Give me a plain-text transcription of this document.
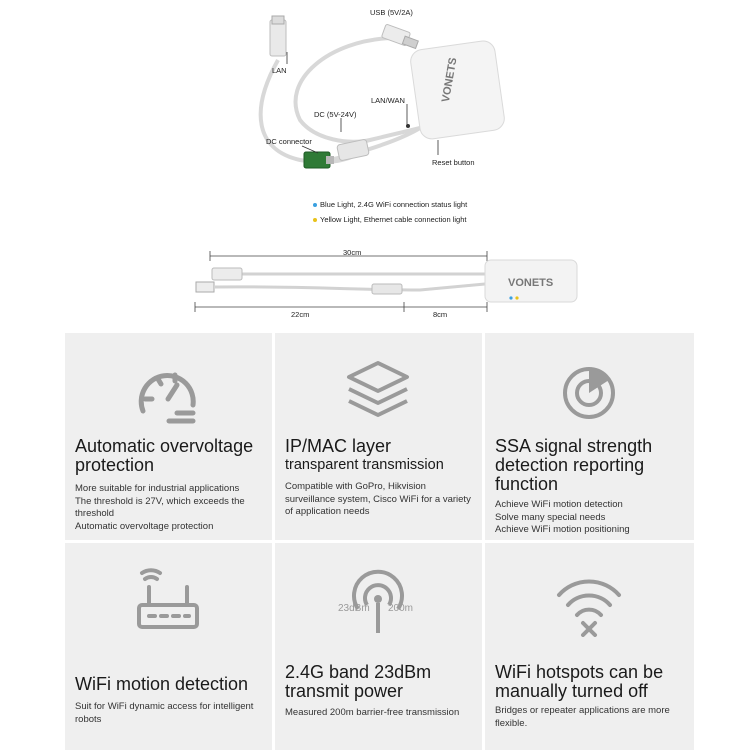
VONETS
VONETS
USB (5V/2A)
LAN
LAN/WAN
DC (5V-24V)
DC connector
Reset button
Blue Light, 2.4G WiFi connection status light
Yellow Light, Ethernet cable connection light
30cm
22cm	8cm
Automatic overvoltage protection
More suitable for industrial applications
The threshold is 27V, which exceeds the threshold
Automatic overvoltage protection
IP/MAC layer
transparent transmission
Compatible with GoPro, Hikvision surveillance system, Cisco WiFi for a variety of application needs
SSA signal strength detection reporting function
Achieve WiFi motion detection
Solve many special needs
Achieve WiFi motion positioning
WiFi motion detection
Suit for WiFi dynamic access for intelligent robots
23dBm 200m
2.4G band 23dBm transmit power
Measured 200m barrier-free transmission
WiFi hotspots can be manually turned off
Bridges or repeater applications are more flexible.
